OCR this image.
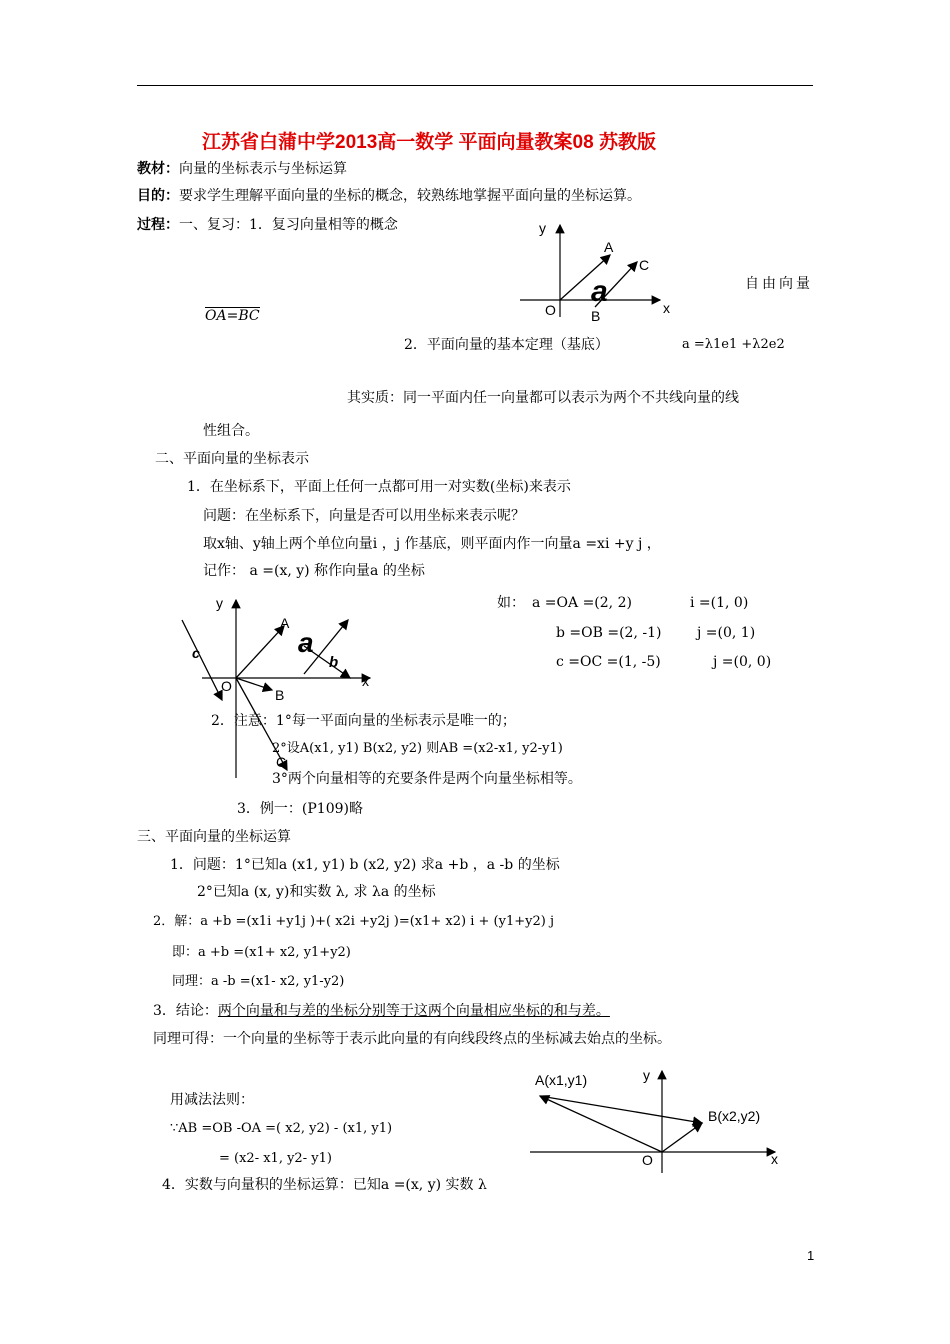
江苏省白蒲中学2013高一数学 平面向量教案08 苏教版
教材：向量的坐标表示与坐标运算
目的：要求学生理解平面向量的坐标的概念，较熟练地掌握平面向量的坐标运算。
过程：一、复习：1．复习向量相等的概念	y
x
O
A
C
B
a	自由向量
OA=BC
2．平面向量的基本定理（基底）	a =λ1e1 +λ2e2
其实质：同一平面内任一向量都可以表示为两个不共线向量的线
性组合。
二、平面向量的坐标表示
1．在坐标系下，平面上任何一点都可用一对实数(坐标)来表示
问题：在坐标系下，向量是否可以用坐标来表示呢？
取x轴、y轴上两个单位向量i ，j 作基底，则平面内作一向量a =xi +y j ，
记作： a =(x, y) 称作向量a 的坐标
y
x
O
A
B
C
a
b
c
如： a =OA =(2, 2)	i =(1, 0)
b =OB =(2, -1)	j =(0, 1)
c =OC =(1, -5)	j =(0, 0)
2．注意：1°每一平面向量的坐标表示是唯一的；
2°设A(x1, y1) B(x2, y2) 则AB =(x2-x1, y2-y1)
3°两个向量相等的充要条件是两个向量坐标相等。
3．例一：(P109)略
三、平面向量的坐标运算
1．问题：1°已知a (x1, y1) b (x2, y2) 求a +b ，a -b 的坐标
2°已知a (x, y)和实数 λ, 求 λa 的坐标
2．解：a +b =(x1i +y1j )+( x2i +y2j )=(x1+ x2) i + (y1+y2) j
即：a +b =(x1+ x2, y1+y2)
同理：a -b =(x1- x2, y1-y2)
3．结论：两个向量和与差的坐标分别等于这两个向量相应坐标的和与差。
同理可得：一个向量的坐标等于表示此向量的有向线段终点的坐标减去始点的坐标。
y
x
O
A(x1,y1)
B(x2,y2)
用减法法则：
∵AB =OB -OA =( x2, y2) - (x1, y1)
= (x2- x1, y2- y1)
4．实数与向量积的坐标运算：已知a =(x, y) 实数 λ
1
